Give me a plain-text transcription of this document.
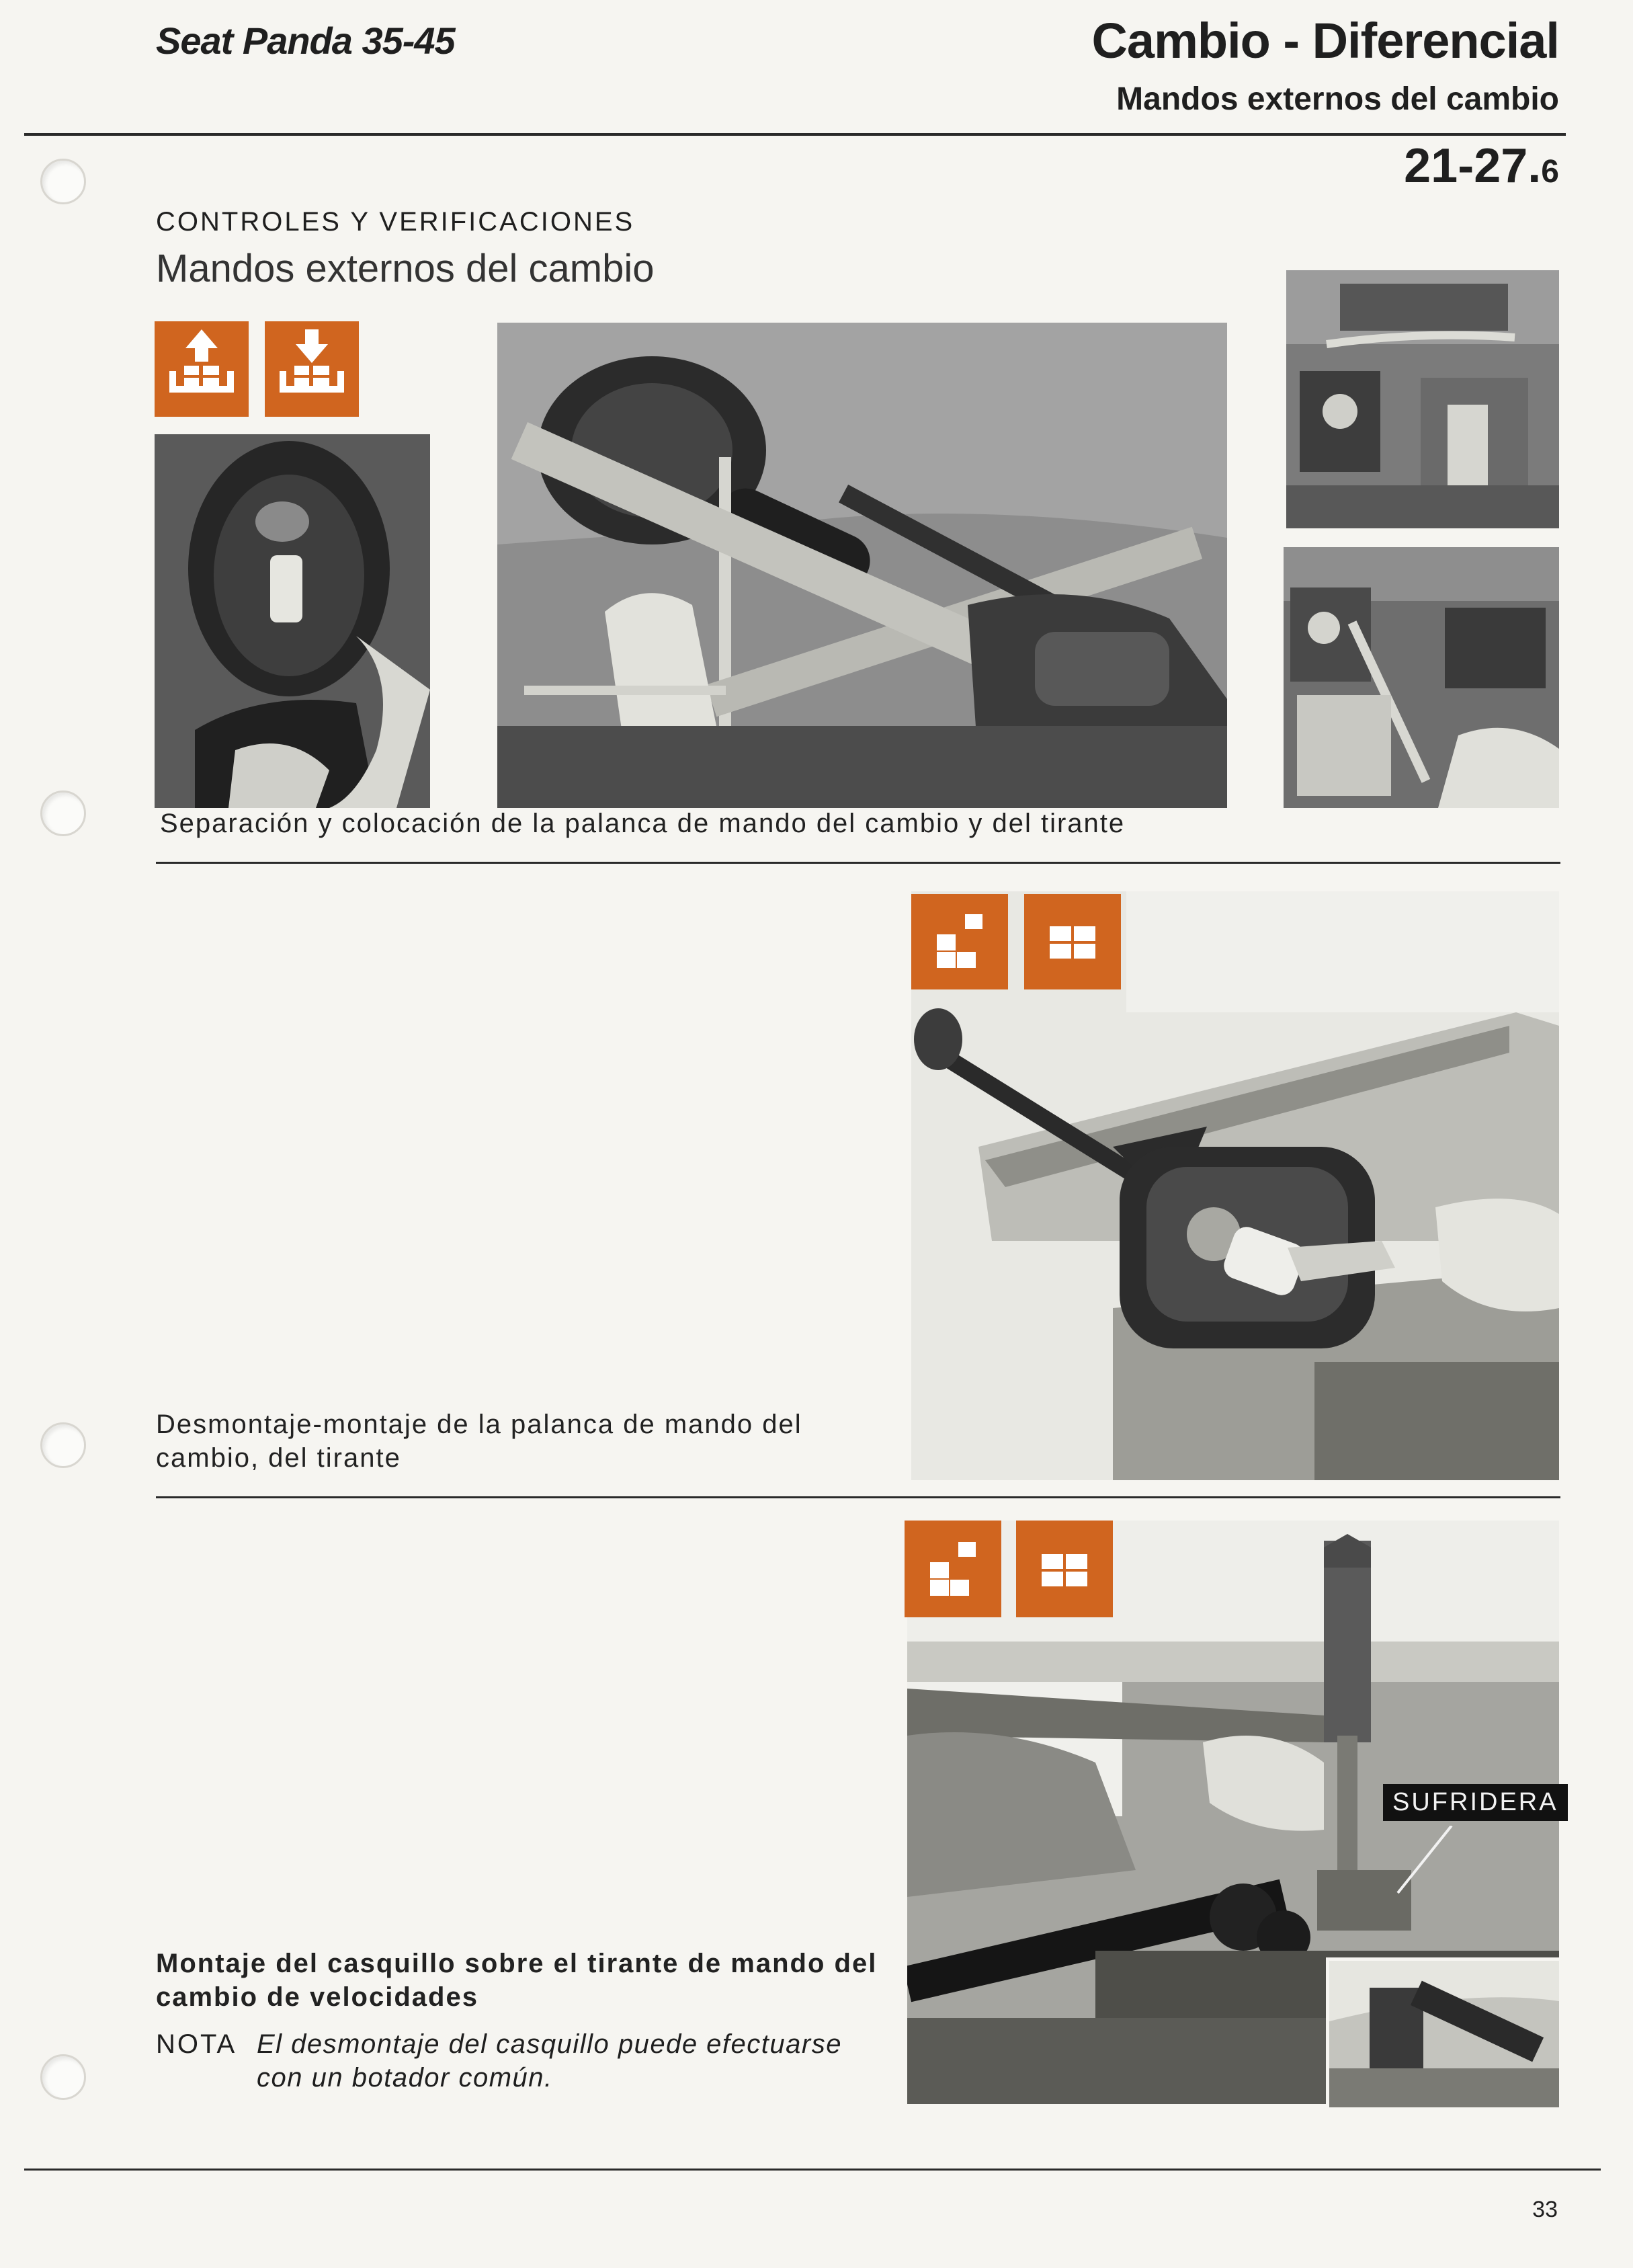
Seat Panda 35-45	Cambio - Diferencial
Mandos externos del cambio
21-27.6
CONTROLES Y VERIFICACIONES
Mandos externos del cambio
Separación y colocación de la palanca de mando del cambio y del tirante
Desmontaje-montaje de la palanca de mando del
cambio, del tirante
SUFRIDERA
Montaje del casquillo sobre el tirante de mando del
cambio de velocidades
NOTA El desmontaje del casquillo puede efectuarse
con un botador común.
33
